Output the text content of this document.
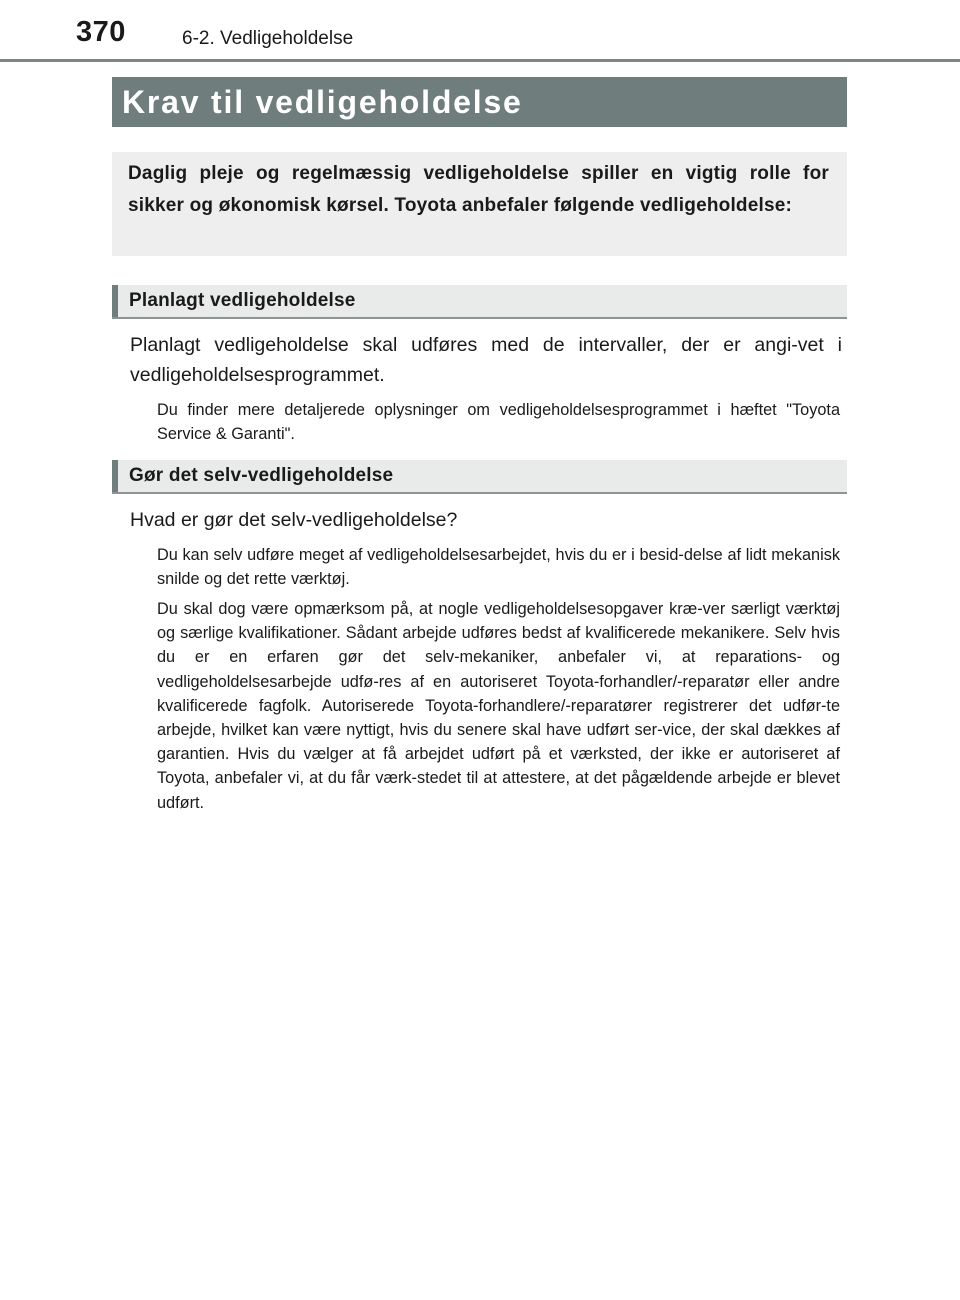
370	6-2. Vedligeholdelse
Krav til vedligeholdelse

Daglig pleje og regelmæssig vedligeholdelse spiller en vigtig rolle for sikker og økonomisk kørsel. Toyota anbefaler følgende vedligeholdelse:

Planlagt vedligeholdelse

Planlagt vedligeholdelse skal udføres med de intervaller, der er angi-vet i vedligeholdelsesprogrammet.

Du finder mere detaljerede oplysninger om vedligeholdelsesprogrammet i hæftet "Toyota Service & Garanti".

Gør det selv-vedligeholdelse

Hvad er gør det selv-vedligeholdelse?

Du kan selv udføre meget af vedligeholdelsesarbejdet, hvis du er i besid-delse af lidt mekanisk snilde og det rette værktøj.

Du skal dog være opmærksom på, at nogle vedligeholdelsesopgaver kræ-ver særligt værktøj og særlige kvalifikationer. Sådant arbejde udføres bedst af kvalificerede mekanikere. Selv hvis du er en erfaren gør det selv-mekaniker, anbefaler vi, at reparations- og vedligeholdelsesarbejde udfø-res af en autoriseret Toyota-forhandler/-reparatør eller andre kvalificerede fagfolk. Autoriserede Toyota-forhandlere/-reparatører registrerer det udfør-te arbejde, hvilket kan være nyttigt, hvis du senere skal have udført ser-vice, der skal dækkes af garantien. Hvis du vælger at få arbejdet udført på et værksted, der ikke er autoriseret af Toyota, anbefaler vi, at du får værk-stedet til at attestere, at det pågældende arbejde er blevet udført.
